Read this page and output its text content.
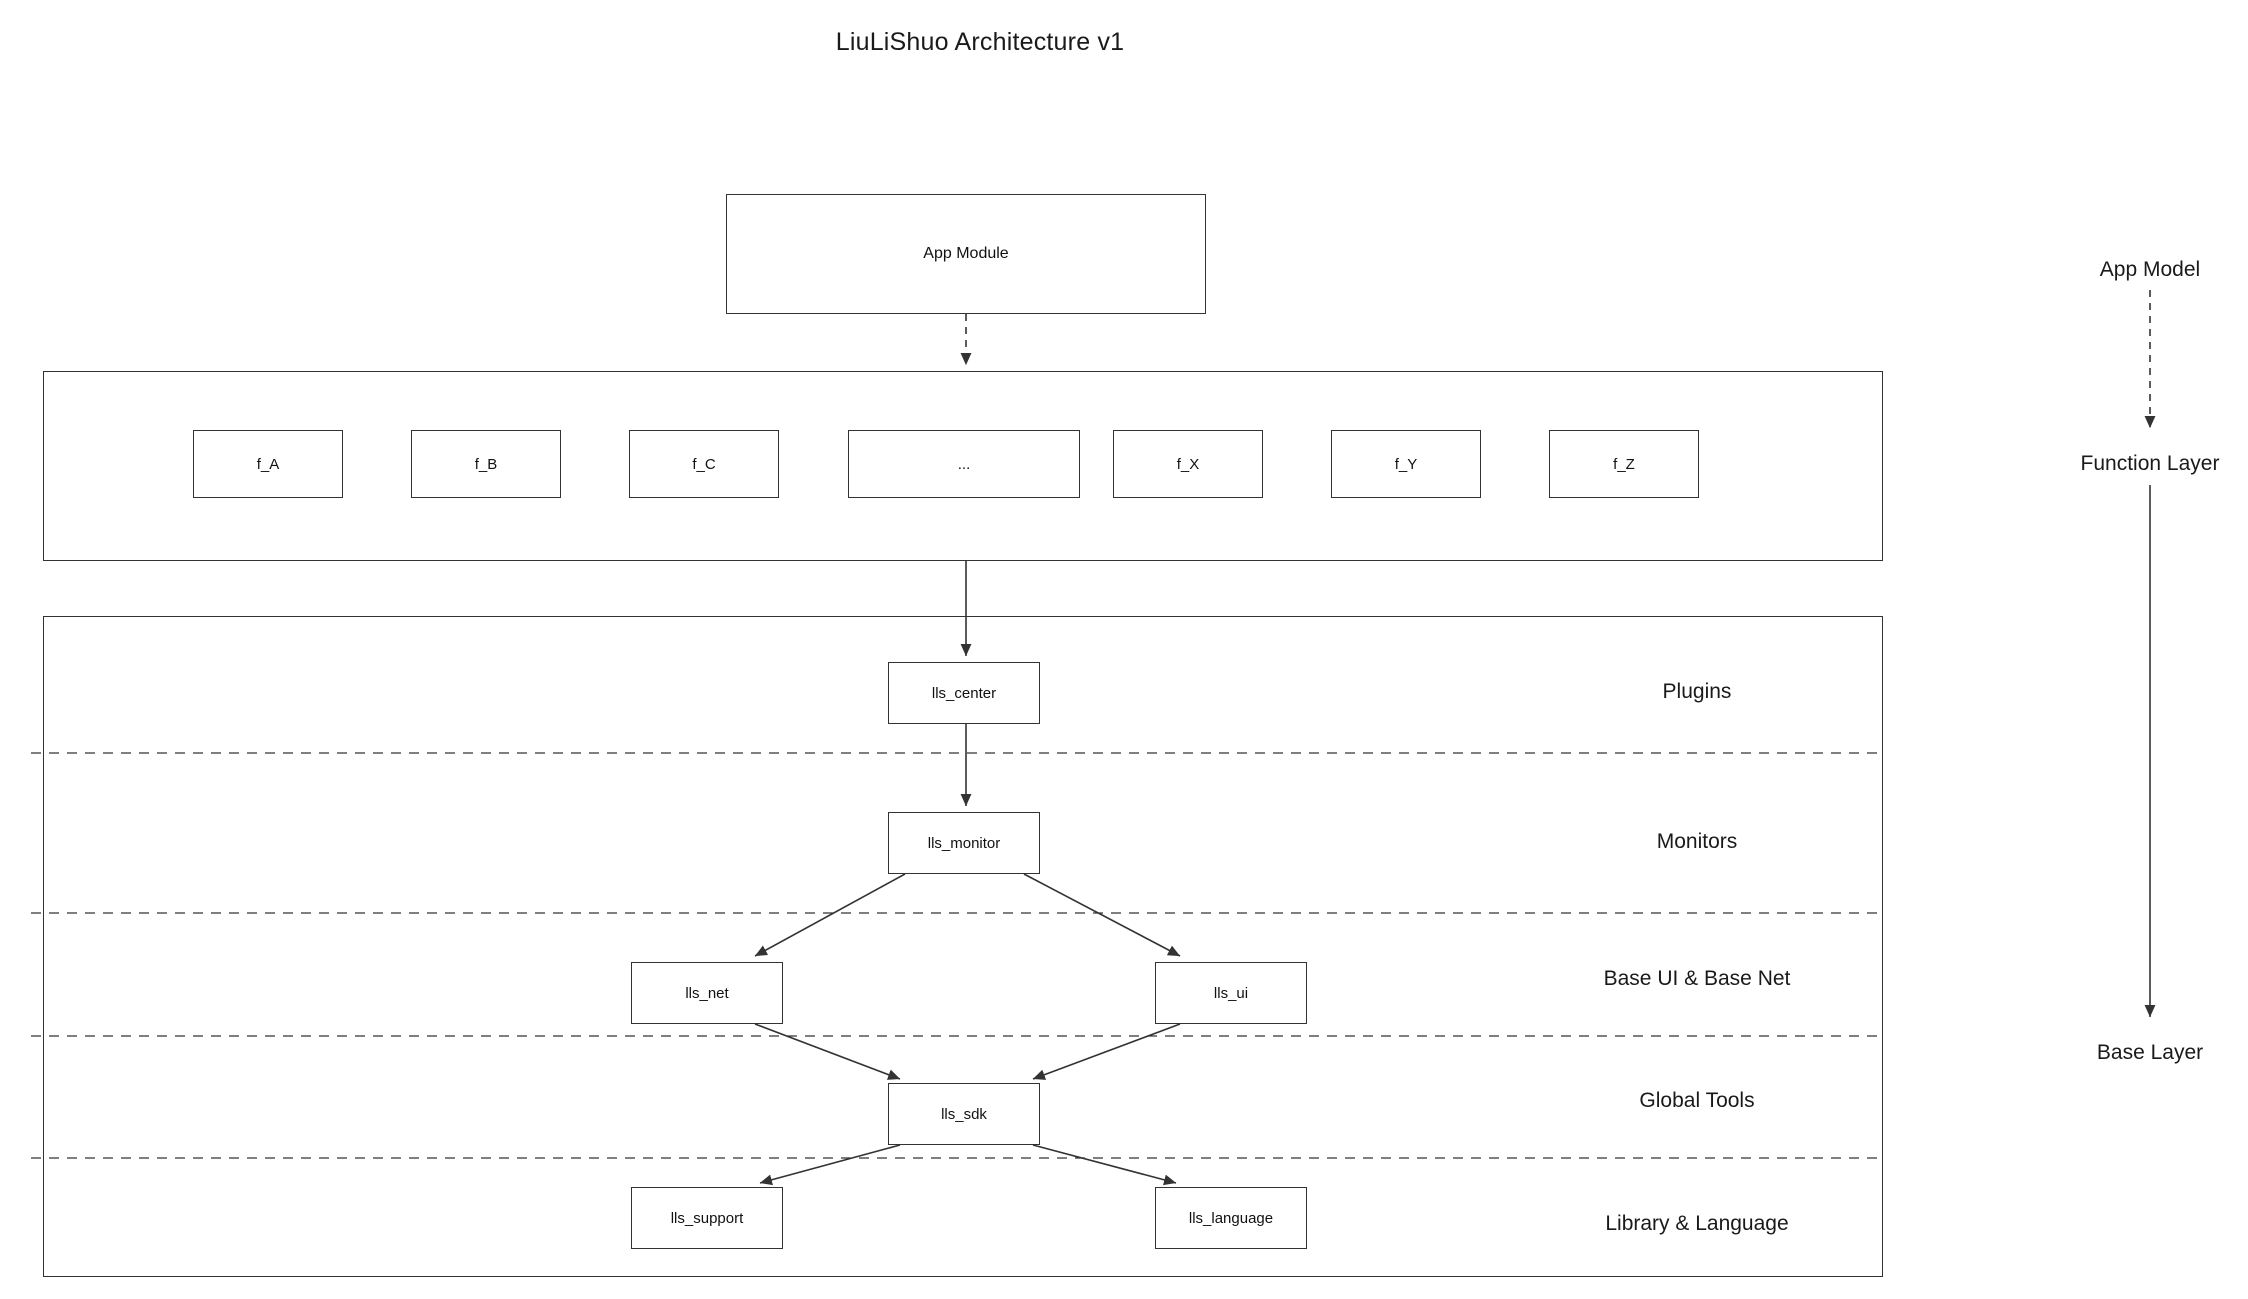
LiuLiShuo Architecture v1
App Module
f_A	f_B	f_C	...	f_X	f_Y	f_Z
lls_center
lls_monitor
lls_net	lls_ui
lls_sdk
lls_support	lls_language
Plugins
Monitors
Base UI & Base Net
Global Tools
Library & Language
App Model
Function Layer
Base Layer
